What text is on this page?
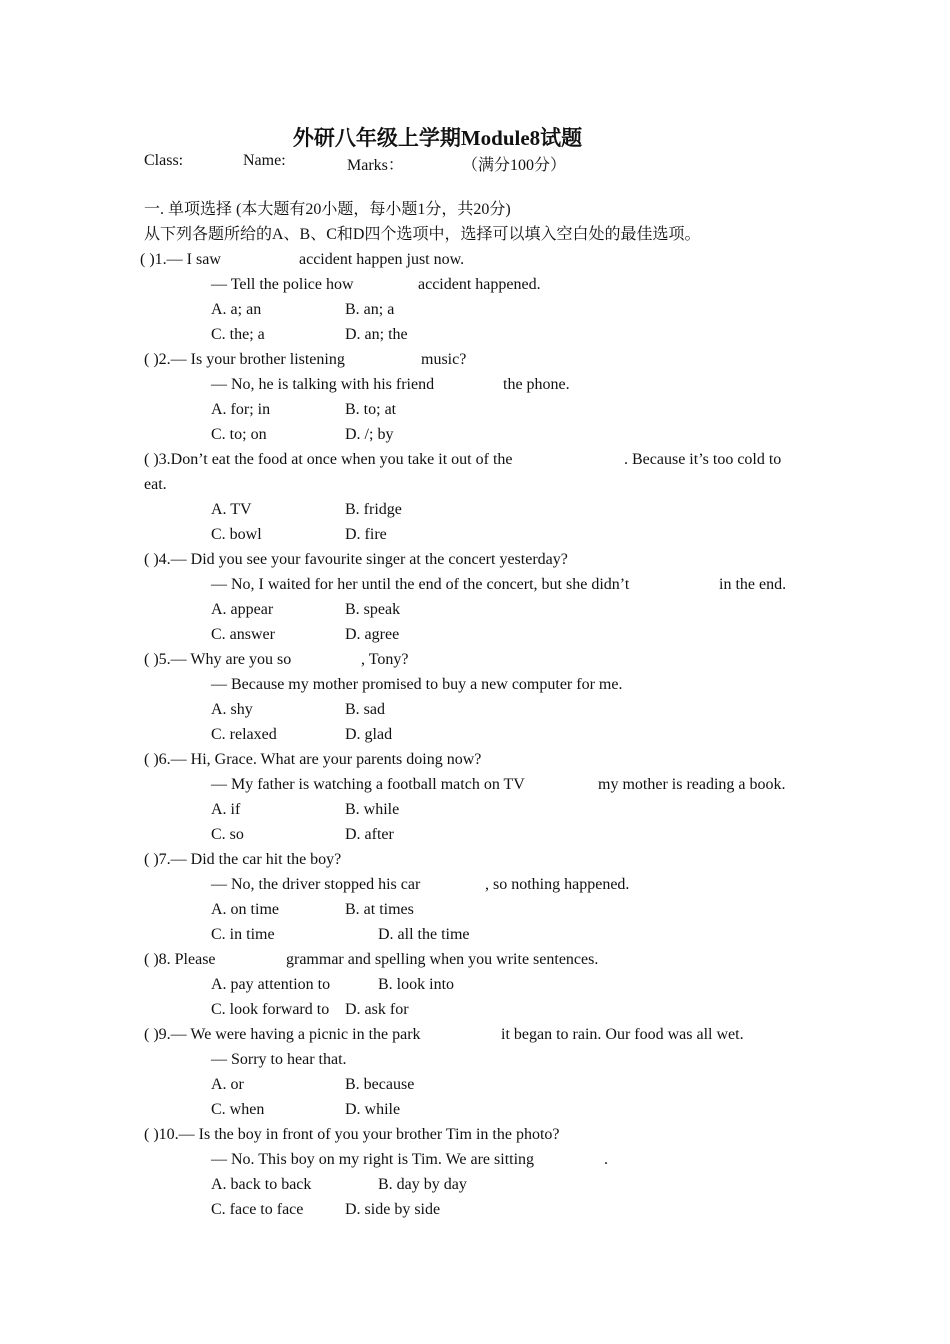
外研八年级上学期Module8试题
Class:	Name:	Marks：	（满分100分）
一. 单项选择 (本大题有20小题，每小题1分，共20分)
从下列各题所给的A、B、C和D四个选项中，选择可以填入空白处的最佳选项。
( )1.— I saw	accident happen just now.
— Tell the police how	accident happened.
A. a; an	B. an; a
C. the; a	D. an; the
( )2.— Is your brother listening	music?
— No, he is talking with his friend	the phone.
A. for; in	B. to; at
C. to; on	D. /; by
( )3.Don’t eat the food at once when you take it out of the	. Because it’s too cold to
eat.
A. TV	B. fridge
C. bowl	D. fire
( )4.— Did you see your favourite singer at the concert yesterday?
— No, I waited for her until the end of the concert, but she didn’t	in the end.
A. appear	B. speak
C. answer	D. agree
( )5.— Why are you so	, Tony?
— Because my mother promised to buy a new computer for me.
A. shy	B. sad
C. relaxed	D. glad
( )6.— Hi, Grace. What are your parents doing now?
— My father is watching a football match on TV	my mother is reading a book.
A. if	B. while
C. so	D. after
( )7.— Did the car hit the boy?
— No, the driver stopped his car	, so nothing happened.
A. on time	B. at times
C. in time	D. all the time
( )8. Please	grammar and spelling when you write sentences.
A. pay attention to	B. look into
C. look forward to D. ask for
( )9.— We were having a picnic in the park	it began to rain. Our food was all wet.
— Sorry to hear that.
A. or	B. because
C. when	D. while
( )10.— Is the boy in front of you your brother Tim in the photo?
— No. This boy on my right is Tim. We are sitting	.
A. back to back	B. day by day
C. face to face	D. side by side
